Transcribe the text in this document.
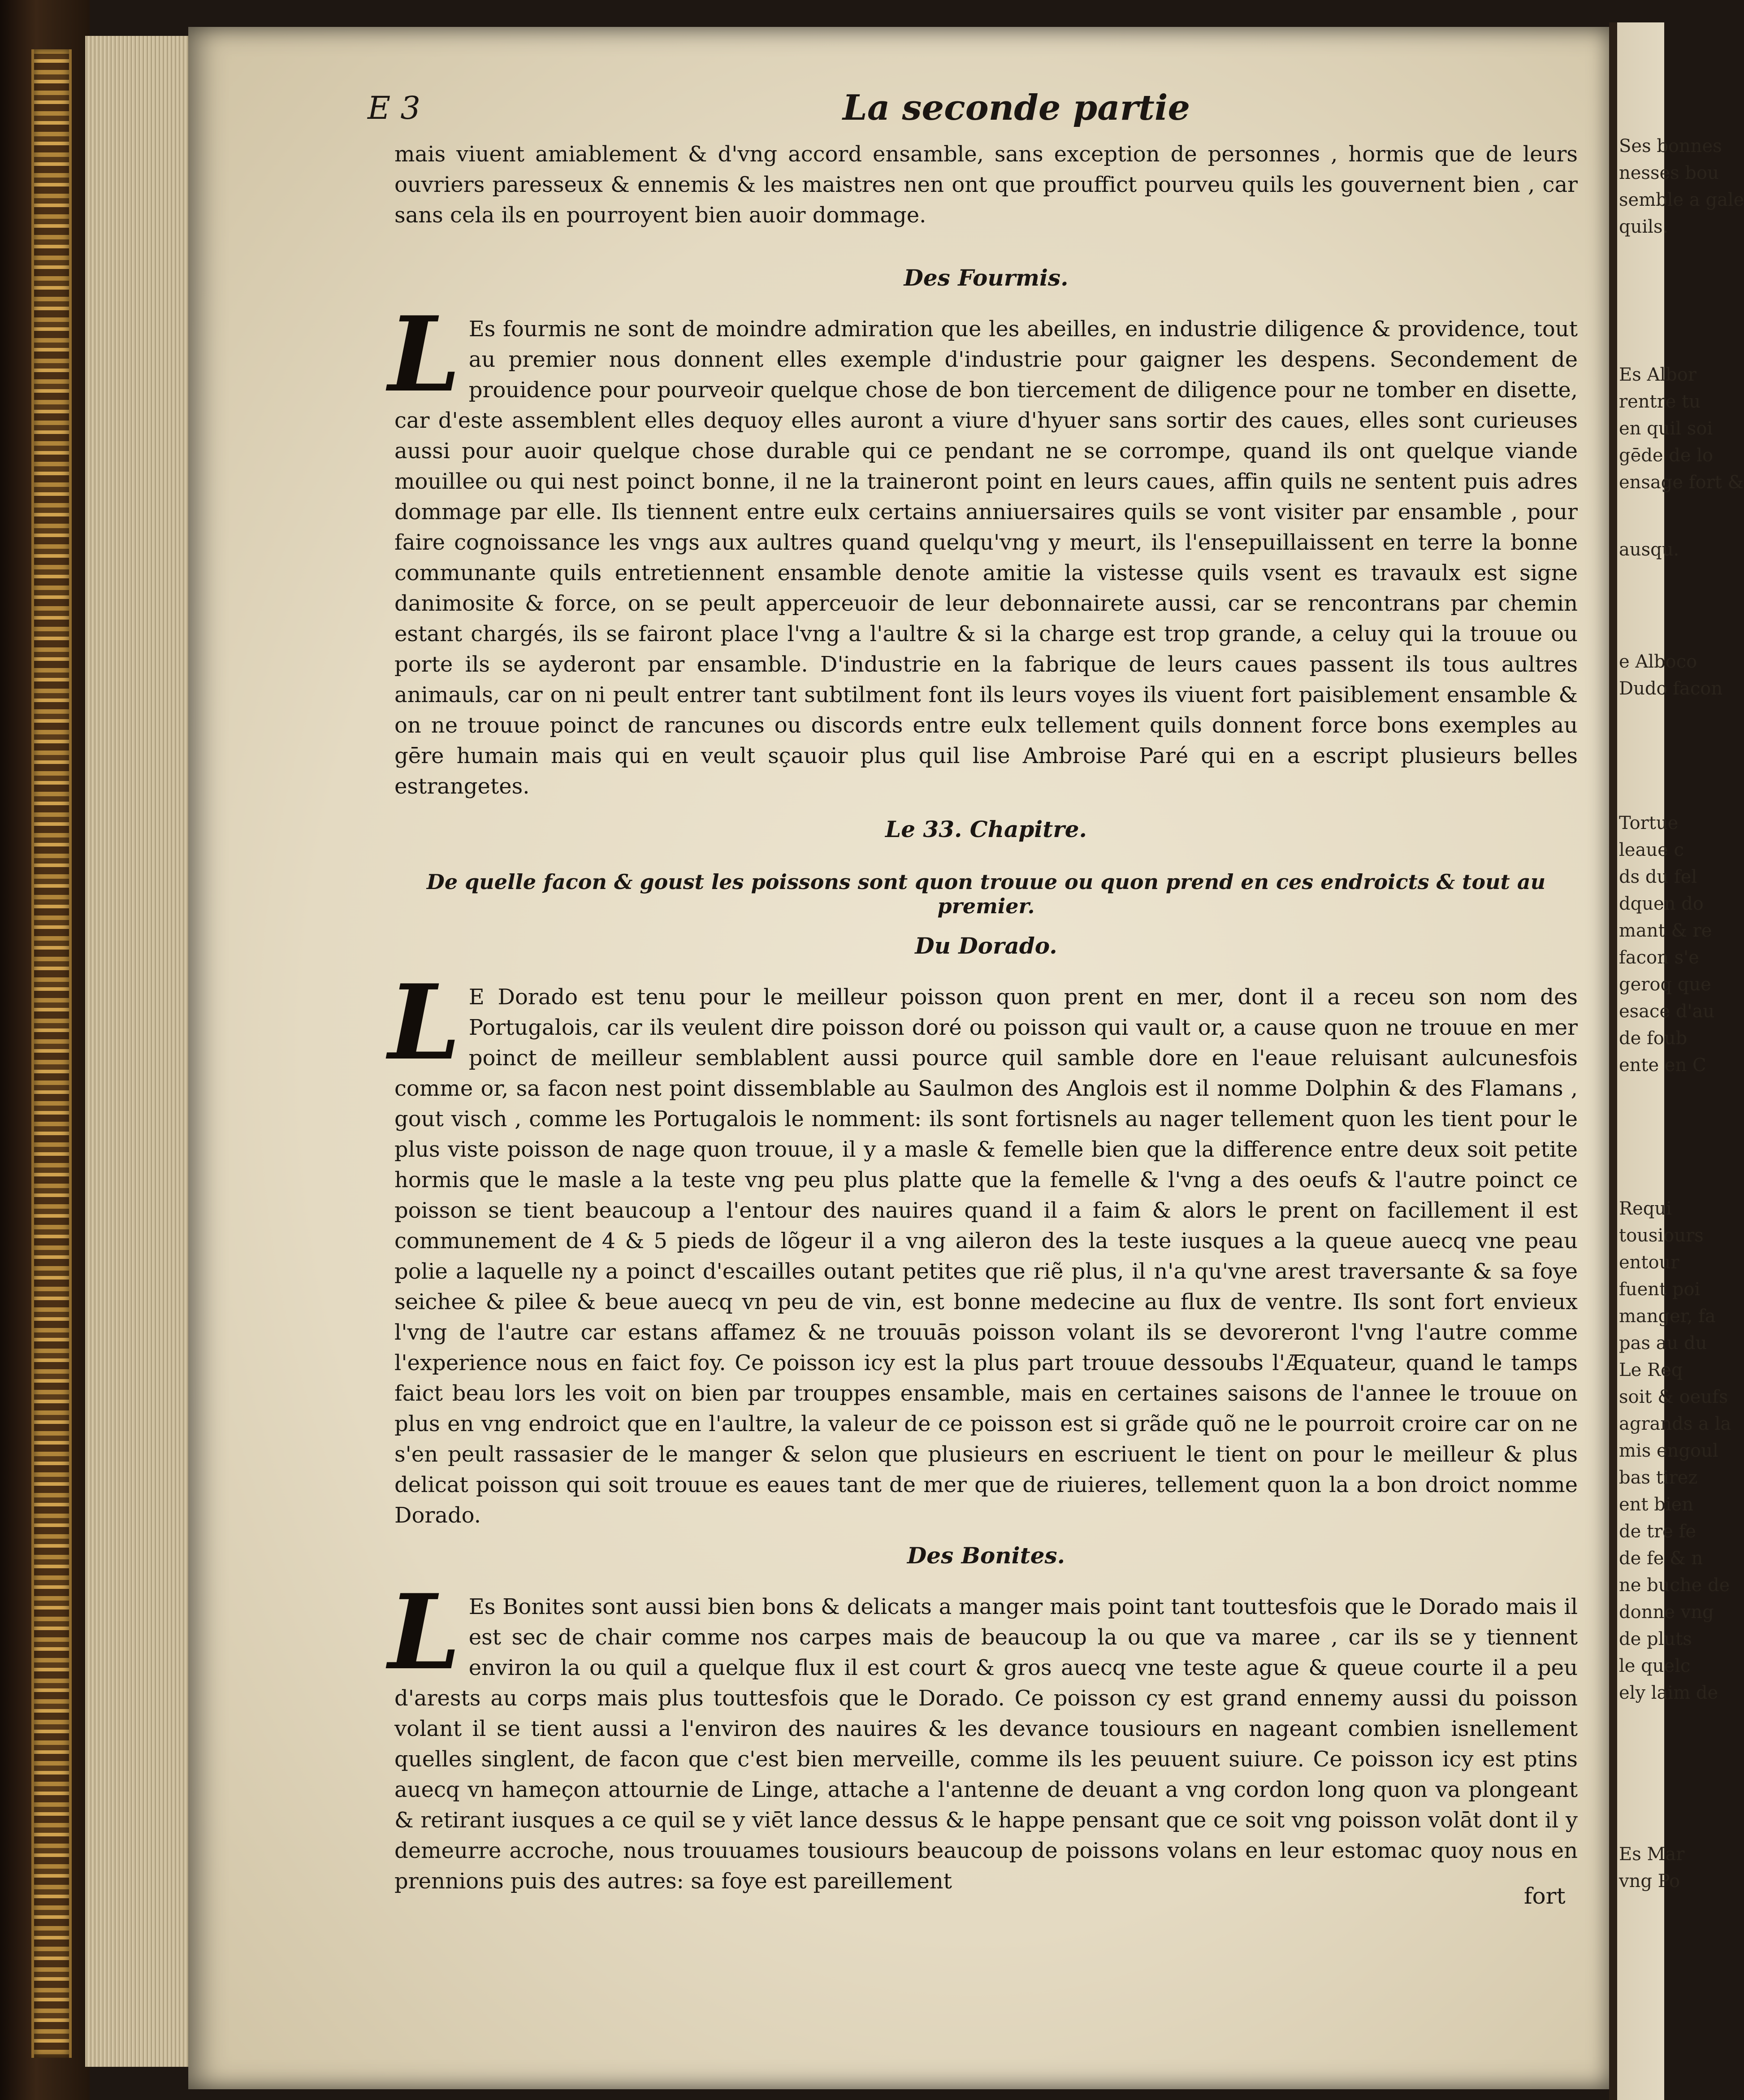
Ses bonnes
nesses bou
semble a gale
quils.
Es Albor
rentre tu
en quil soi
gēde de lo
ensage fort &
ausqu.
e Alboco
Dudo facon
Tortue
leaue c
ds du fel
dquen do
mant & re
facon s'e
geroq que
esace d'au
de foub
ente en C
Requi
tousiours
entour
fuent poi
manger, fa
pas au du
Le Req
soit & oeufs
agrands a la
mis engoul
bas tirez
ent bien
de tre fe
de fe & n
ne buche de
donne vng
de pluts
le quelc
ely laim de
Es Mar
vng Po
E 3	La seconde partie

mais viuent amiablement & d'vng accord ensamble, sans exception de personnes , hormis que de leurs ouvriers paresseux & ennemis & les maistres nen ont que prouffict pourveu quils les gouvernent bien , car sans cela ils en pourroyent bien auoir dommage.

Des Fourmis.

L Es fourmis ne sont de moindre admiration que les abeilles, en industrie diligence & providence, tout au premier nous donnent elles exemple d'industrie pour gaigner les despens. Secondement de prouidence pour pourveoir quelque chose de bon tiercement de diligence pour ne tomber en disette, car d'este assemblent elles dequoy elles auront a viure d'hyuer sans sortir des caues, elles sont curieuses aussi pour auoir quelque chose durable qui ce pendant ne se corrompe, quand ils ont quelque viande mouillee ou qui nest poinct bonne, il ne la traineront point en leurs caues, affin quils ne sentent puis adres dommage par elle. Ils tiennent entre eulx certains anniuersaires quils se vont visiter par ensamble , pour faire cognoissance les vngs aux aultres quand quelqu'vng y meurt, ils l'ensepuillaissent en terre la bonne communante quils entretiennent ensamble denote amitie la vistesse quils vsent es travaulx est signe danimosite & force, on se peult apperceuoir de leur debonnairete aussi, car se rencontrans par chemin estant chargés, ils se fairont place l'vng a l'aultre & si la charge est trop grande, a celuy qui la trouue ou porte ils se ayderont par ensamble. D'industrie en la fabrique de leurs caues passent ils tous aultres animauls, car on ni peult entrer tant subtilment font ils leurs voyes ils viuent fort paisiblement ensamble & on ne trouue poinct de rancunes ou discords entre eulx tellement quils donnent force bons exemples au gēre humain mais qui en veult sçauoir plus quil lise Ambroise Paré qui en a escript plusieurs belles estrangetes.

Le 33. Chapitre.

De quelle facon & goust les poissons sont quon trouue ou quon prend en ces endroicts & tout au premier.

Du Dorado.

L E Dorado est tenu pour le meilleur poisson quon prent en mer, dont il a receu son nom des Portugalois, car ils veulent dire poisson doré ou poisson qui vault or, a cause quon ne trouue en mer poinct de meilleur semblablent aussi pource quil samble dore en l'eaue reluisant aulcunesfois comme or, sa facon nest point dissemblable au Saulmon des Anglois est il nomme Dolphin & des Flamans , gout visch , comme les Portugalois le nomment: ils sont fortisnels au nager tellement quon les tient pour le plus viste poisson de nage quon trouue, il y a masle & femelle bien que la difference entre deux soit petite hormis que le masle a la teste vng peu plus platte que la femelle & l'vng a des oeufs & l'autre poinct ce poisson se tient beaucoup a l'entour des nauires quand il a faim & alors le prent on facillement il est communement de 4 & 5 pieds de lõgeur il a vng aileron des la teste iusques a la queue auecq vne peau polie a laquelle ny a poinct d'escailles outant petites que riẽ plus, il n'a qu'vne arest traversante & sa foye seichee & pilee & beue auecq vn peu de vin, est bonne medecine au flux de ventre. Ils sont fort envieux l'vng de l'autre car estans affamez & ne trouuās poisson volant ils se devoreront l'vng l'autre comme l'experience nous en faict foy. Ce poisson icy est la plus part trouue dessoubs l'Æquateur, quand le tamps faict beau lors les voit on bien par trouppes ensamble, mais en certaines saisons de l'annee le trouue on plus en vng endroict que en l'aultre, la valeur de ce poisson est si grãde quõ ne le pourroit croire car on ne s'en peult rassasier de le manger & selon que plusieurs en escriuent le tient on pour le meilleur & plus delicat poisson qui soit trouue es eaues tant de mer que de riuieres, tellement quon la a bon droict nomme Dorado.

Des Bonites.

L Es Bonites sont aussi bien bons & delicats a manger mais point tant touttesfois que le Dorado mais il est sec de chair comme nos carpes mais de beaucoup la ou que va maree , car ils se y tiennent environ la ou quil a quelque flux il est court & gros auecq vne teste ague & queue courte il a peu d'arests au corps mais plus touttesfois que le Dorado. Ce poisson cy est grand ennemy aussi du poisson volant il se tient aussi a l'environ des nauires & les devance tousiours en nageant combien isnellement quelles singlent, de facon que c'est bien merveille, comme ils les peuuent suiure. Ce poisson icy est ptins auecq vn hameçon attournie de Linge, attache a l'antenne de deuant a vng cordon long quon va plongeant & retirant iusques a ce quil se y viēt lance dessus & le happe pensant que ce soit vng poisson volāt dont il y demeurre accroche, nous trouuames tousiours beaucoup de poissons volans en leur estomac quoy nous en prennions puis des autres: sa foye est pareillement
fort
